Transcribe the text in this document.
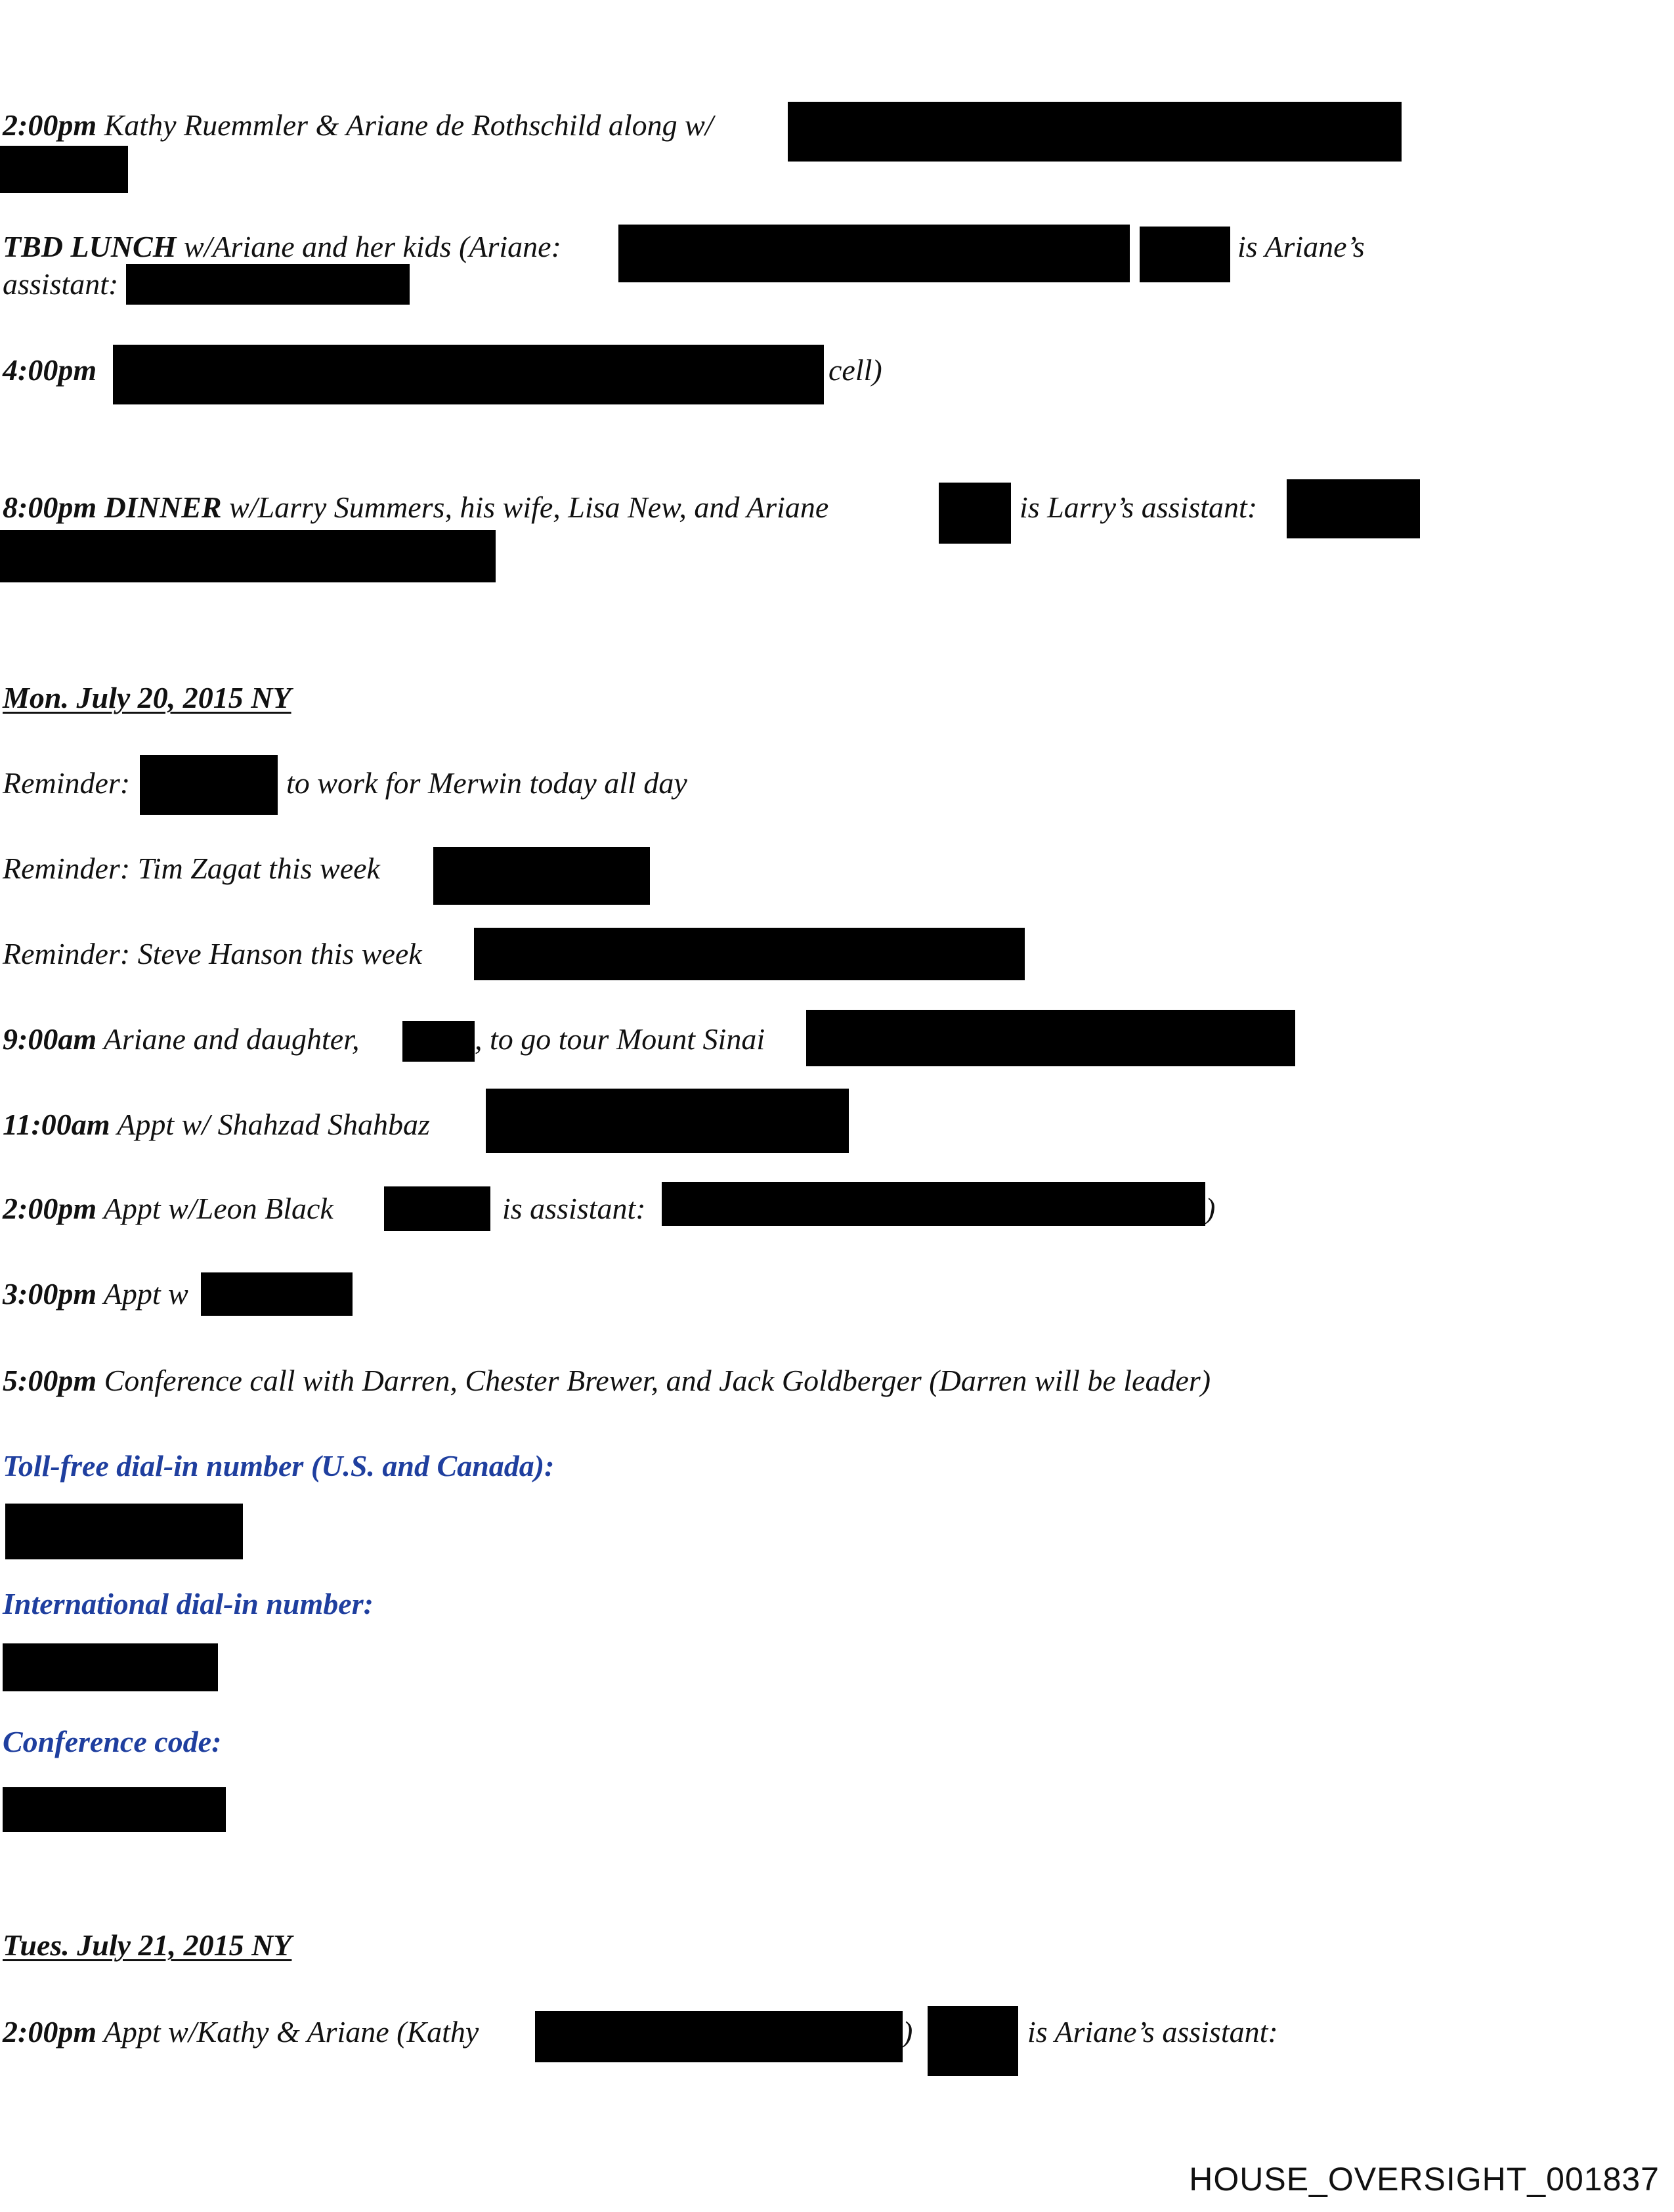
2:00pm Kathy Ruemmler & Ariane de Rothschild along w/
TBD LUNCH w/Ariane and her kids (Ariane:	is Ariane’s
assistant:
4:00pm	cell)
8:00pm DINNER w/Larry Summers, his wife, Lisa New, and Ariane	is Larry’s assistant:
Mon. July 20, 2015 NY
Reminder:	to work for Merwin today all day
Reminder: Tim Zagat this week
Reminder: Steve Hanson this week
9:00am Ariane and daughter,	, to go tour Mount Sinai
11:00am Appt w/ Shahzad Shahbaz
2:00pm Appt w/Leon Black	is assistant:	)
3:00pm Appt w
5:00pm Conference call with Darren, Chester Brewer, and Jack Goldberger (Darren will be leader)
Toll-free dial-in number (U.S. and Canada):
International dial-in number:
Conference code:
Tues. July 21, 2015 NY
2:00pm Appt w/Kathy & Ariane (Kathy	)	is Ariane’s assistant:
HOUSE_OVERSIGHT_001837
